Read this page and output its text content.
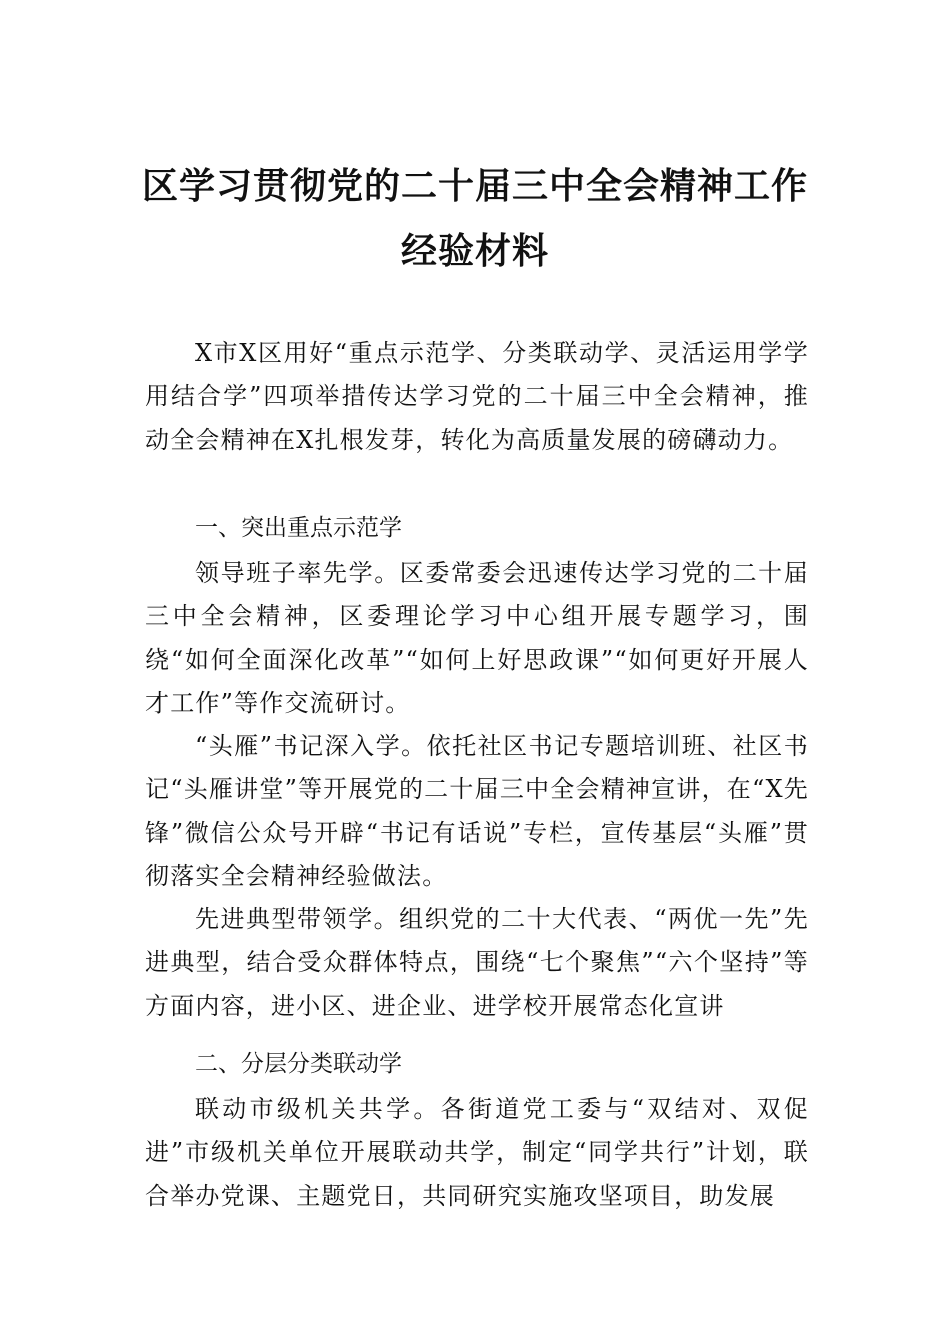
区学习贯彻党的二十届三中全会精神工作
经验材料
X市X区用好“重点示范学、分类联动学、灵活运用学学用结合学”四项举措传达学习党的二十届三中全会精神，推动全会精神在X扎根发芽，转化为高质量发展的磅礴动力。
一、突出重点示范学
领导班子率先学。区委常委会迅速传达学习党的二十届三中全会精神，区委理论学习中心组开展专题学习，围绕“如何全面深化改革”“如何上好思政课”“如何更好开展人才工作”等作交流研讨。
“头雁”书记深入学。依托社区书记专题培训班、社区书记“头雁讲堂”等开展党的二十届三中全会精神宣讲，在“X先锋”微信公众号开辟“书记有话说”专栏，宣传基层“头雁”贯彻落实全会精神经验做法。
先进典型带领学。组织党的二十大代表、“两优一先”先进典型，结合受众群体特点，围绕“七个聚焦”“六个坚持”等方面内容，进小区、进企业、进学校开展常态化宣讲
二、分层分类联动学
联动市级机关共学。各街道党工委与“双结对、双促进”市级机关单位开展联动共学，制定“同学共行”计划，联合举办党课、主题党日，共同研究实施攻坚项目，助发展
